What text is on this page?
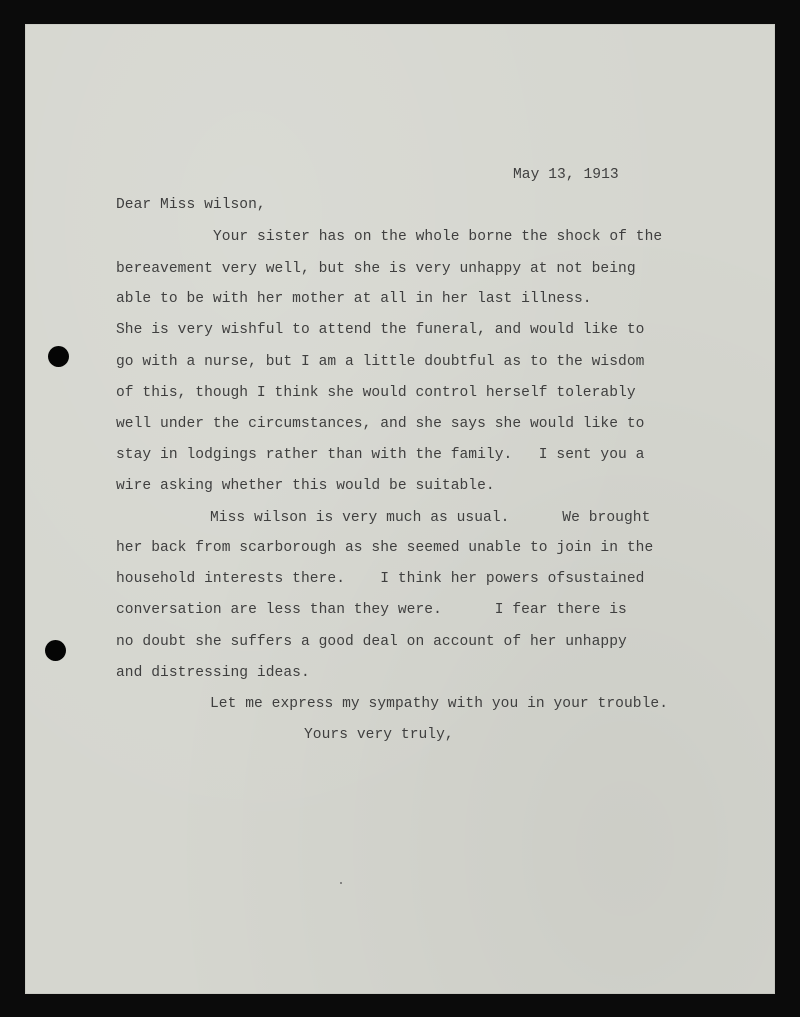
May 13, 1913
Dear Miss wilson,
Your sister has on the whole borne the shock of the
bereavement very well, but she is very unhappy at not being
able to be with her mother at all in her last illness.
She is very wishful to attend the funeral, and would like to
go with a nurse, but I am a little doubtful as to the wisdom
of this, though I think she would control herself tolerably
well under the circumstances, and she says she would like to
stay in lodgings rather than with the family.   I sent you a
wire asking whether this would be suitable.
Miss wilson is very much as usual.      We brought
her back from scarborough as she seemed unable to join in the
household interests there.    I think her powers ofsustained
conversation are less than they were.      I fear there is
no doubt she suffers a good deal on account of her unhappy
and distressing ideas.
Let me express my sympathy with you in your trouble.
Yours very truly,
